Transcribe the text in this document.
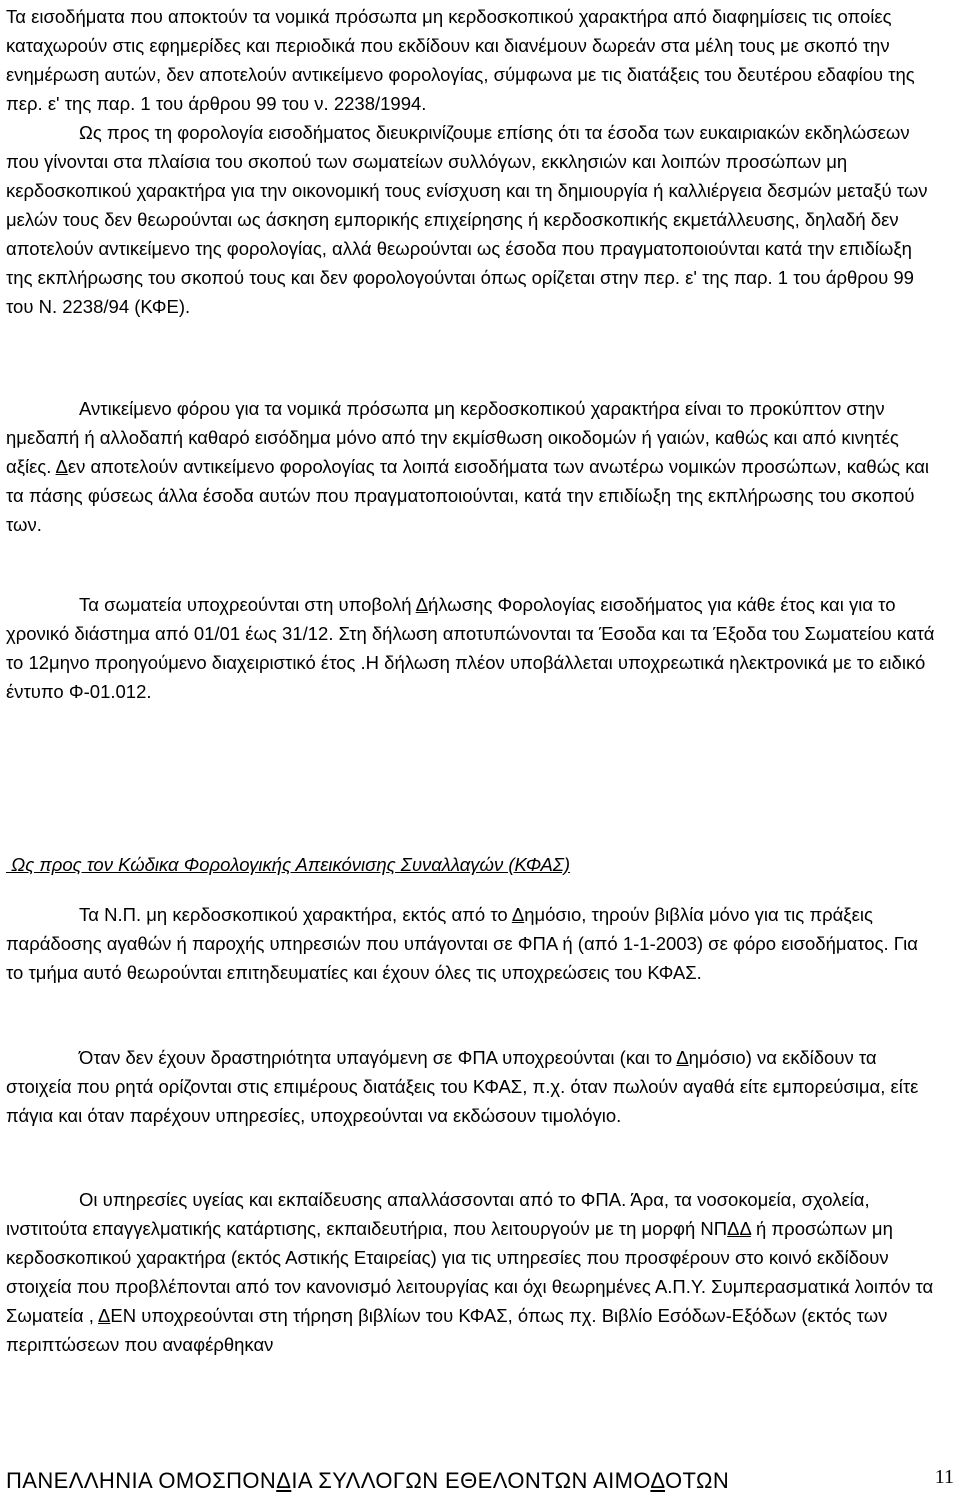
Τα εισοδήματα που αποκτούν τα νομικά πρόσωπα μη κερδοσκοπικού χαρακτήρα από διαφημίσεις τις οποίες καταχωρούν στις εφημερίδες και περιοδικά που εκδίδουν και διανέμουν δωρεάν στα μέλη τους με σκοπό την ενημέρωση αυτών, δεν αποτελούν αντικείμενο φορολογίας, σύμφωνα με τις διατάξεις του δευτέρου εδαφίου της περ. ε' της παρ. 1 του άρθρου 99 του ν. 2238/1994.
Ως προς τη φορολογία εισοδήματος διευκρινίζουμε επίσης ότι τα έσοδα των ευκαιριακών εκδηλώσεων που γίνονται στα πλαίσια του σκοπού των σωματείων συλλόγων, εκκλησιών και λοιπών προσώπων μη κερδοσκοπικού χαρακτήρα για την οικονομική τους ενίσχυση και τη δημιουργία ή καλλιέργεια δεσμών μεταξύ των μελών τους δεν θεωρούνται ως άσκηση εμπορικής επιχείρησης ή κερδοσκοπικής εκμετάλλευσης, δηλαδή δεν αποτελούν αντικείμενο της φορολογίας, αλλά θεωρούνται ως έσοδα που πραγματοποιούνται κατά την επιδίωξη της εκπλήρωσης του σκοπού τους και δεν φορολογούνται όπως ορίζεται στην περ. ε' της παρ. 1 του άρθρου 99 του Ν. 2238/94 (ΚΦΕ).

Αντικείμενο φόρου για τα νομικά πρόσωπα μη κερδοσκοπικού χαρακτήρα είναι το προκύπτον στην ημεδαπή ή αλλοδαπή καθαρό εισόδημα μόνο από την εκμίσθωση οικοδομών ή γαιών, καθώς και από κινητές αξίες. Δεν αποτελούν αντικείμενο φορολογίας τα λοιπά εισοδήματα των ανωτέρω νομικών προσώπων, καθώς και τα πάσης φύσεως άλλα έσοδα αυτών που πραγματοποιούνται, κατά την επιδίωξη της εκπλήρωσης του σκοπού των.

Τα σωματεία υποχρεούνται στη υποβολή Δήλωσης Φορολογίας εισοδήματος για κάθε έτος και για το χρονικό διάστημα από 01/01 έως 31/12. Στη δήλωση αποτυπώνονται τα Έσοδα και τα Έξοδα του Σωματείου κατά το 12μηνο προηγούμενο διαχειριστικό έτος .Η δήλωση πλέον υποβάλλεται υποχρεωτικά ηλεκτρονικά με το ειδικό έντυπο Φ-01.012.

Ως προς τον Κώδικα Φορολογικής Απεικόνισης Συναλλαγών (ΚΦΑΣ)

Τα Ν.Π. μη κερδοσκοπικού χαρακτήρα, εκτός από το Δημόσιο, τηρούν βιβλία μόνο για τις πράξεις παράδοσης αγαθών ή παροχής υπηρεσιών που υπάγονται σε ΦΠΑ ή (από 1-1-2003) σε φόρο εισοδήματος. Για το τμήμα αυτό θεωρούνται επιτηδευματίες και έχουν όλες τις υποχρεώσεις του ΚΦΑΣ.

Όταν δεν έχουν δραστηριότητα υπαγόμενη σε ΦΠΑ υποχρεούνται (και το Δημόσιο) να εκδίδουν τα στοιχεία που ρητά ορίζονται στις επιμέρους διατάξεις του ΚΦΑΣ, π.χ. όταν πωλούν αγαθά είτε εμπορεύσιμα, είτε πάγια και όταν παρέχουν υπηρεσίες, υποχρεούνται να εκδώσουν τιμολόγιο.

Οι υπηρεσίες υγείας και εκπαίδευσης απαλλάσσονται από το ΦΠΑ. Άρα, τα νοσοκομεία, σχολεία, ινστιτούτα επαγγελματικής κατάρτισης, εκπαιδευτήρια, που λειτουργούν με τη μορφή ΝΠΔΔ ή προσώπων μη κερδοσκοπικού χαρακτήρα (εκτός Αστικής Εταιρείας) για τις υπηρεσίες που προσφέρουν στο κοινό εκδίδουν στοιχεία που προβλέπονται από τον κανονισμό λειτουργίας και όχι θεωρημένες Α.Π.Υ. Συμπερασματικά λοιπόν τα Σωματεία , ΔΕΝ υποχρεούνται στη τήρηση βιβλίων του ΚΦΑΣ, όπως πχ. Βιβλίο Εσόδων-Εξόδων (εκτός των περιπτώσεων που αναφέρθηκαν

ΠΑΝΕΛΛΗΝΙΑ ΟΜΟΣΠΟΝΔΙΑ ΣΥΛΛΟΓΩΝ ΕΘΕΛΟΝΤΩΝ ΑΙΜΟΔΟΤΩΝ	11
